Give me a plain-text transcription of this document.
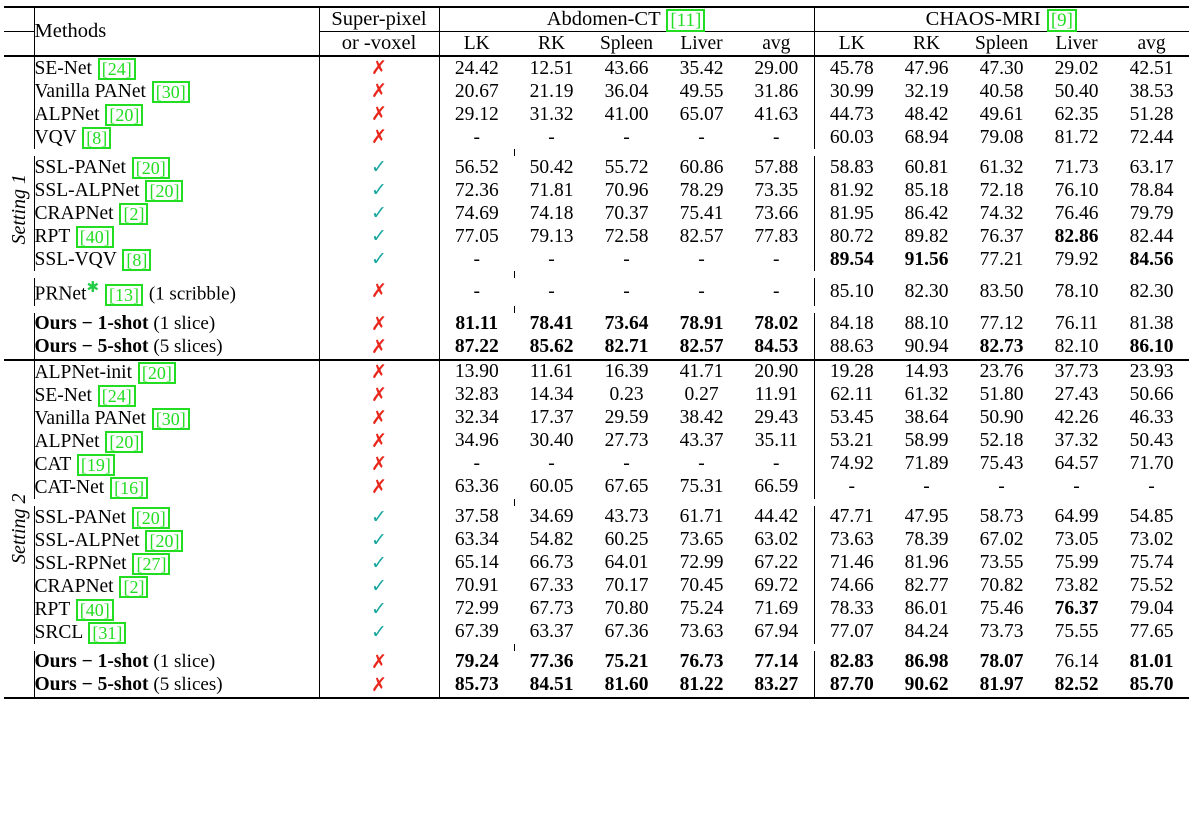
	Methods	Super-pixel	Abdomen-CT [11]					CHAOS-MRI [9]				
		or -voxel	LK	RK	Spleen	Liver	avg	LK	RK	Spleen	Liver	avg

Setting 1	SE-Net [24]	✗	24.42	12.51	43.66	35.42	29.00	45.78	47.96	47.30	29.02	42.51
	Vanilla PANet [30]	✗	20.67	21.19	36.04	49.55	31.86	30.99	32.19	40.58	50.40	38.53
	ALPNet [20]	✗	29.12	31.32	41.00	65.07	41.63	44.73	48.42	49.61	62.35	51.28
	VQV [8]	✗	-	-	-	-	-	60.03	68.94	79.08	81.72	72.44

	SSL-PANet [20]	✓	56.52	50.42	55.72	60.86	57.88	58.83	60.81	61.32	71.73	63.17
	SSL-ALPNet [20]	✓	72.36	71.81	70.96	78.29	73.35	81.92	85.18	72.18	76.10	78.84
	CRAPNet [2]	✓	74.69	74.18	70.37	75.41	73.66	81.95	86.42	74.32	76.46	79.79
	RPT [40]	✓	77.05	79.13	72.58	82.57	77.83	80.72	89.82	76.37	82.86	82.44
	SSL-VQV [8]	✓	-	-	-	-	-	89.54	91.56	77.21	79.92	84.56

	PRNet✱ [13] (1 scribble)	✗	-	-	-	-	-	85.10	82.30	83.50	78.10	82.30

	Ours − 1-shot (1 slice)	✗	81.11	78.41	73.64	78.91	78.02	84.18	88.10	77.12	76.11	81.38
	Ours − 5-shot (5 slices)	✗	87.22	85.62	82.71	82.57	84.53	88.63	90.94	82.73	82.10	86.10

Setting 2	ALPNet-init [20]	✗	13.90	11.61	16.39	41.71	20.90	19.28	14.93	23.76	37.73	23.93
	SE-Net [24]	✗	32.83	14.34	0.23	0.27	11.91	62.11	61.32	51.80	27.43	50.66
	Vanilla PANet [30]	✗	32.34	17.37	29.59	38.42	29.43	53.45	38.64	50.90	42.26	46.33
	ALPNet [20]	✗	34.96	30.40	27.73	43.37	35.11	53.21	58.99	52.18	37.32	50.43
	CAT [19]	✗	-	-	-	-	-	74.92	71.89	75.43	64.57	71.70
	CAT-Net [16]	✗	63.36	60.05	67.65	75.31	66.59	-	-	-	-	-

	SSL-PANet [20]	✓	37.58	34.69	43.73	61.71	44.42	47.71	47.95	58.73	64.99	54.85
	SSL-ALPNet [20]	✓	63.34	54.82	60.25	73.65	63.02	73.63	78.39	67.02	73.05	73.02
	SSL-RPNet [27]	✓	65.14	66.73	64.01	72.99	67.22	71.46	81.96	73.55	75.99	75.74
	CRAPNet [2]	✓	70.91	67.33	70.17	70.45	69.72	74.66	82.77	70.82	73.82	75.52
	RPT [40]	✓	72.99	67.73	70.80	75.24	71.69	78.33	86.01	75.46	76.37	79.04
	SRCL [31]	✓	67.39	63.37	67.36	73.63	67.94	77.07	84.24	73.73	75.55	77.65

	Ours − 1-shot (1 slice)	✗	79.24	77.36	75.21	76.73	77.14	82.83	86.98	78.07	76.14	81.01
	Ours − 5-shot (5 slices)	✗	85.73	84.51	81.60	81.22	83.27	87.70	90.62	81.97	82.52	85.70
